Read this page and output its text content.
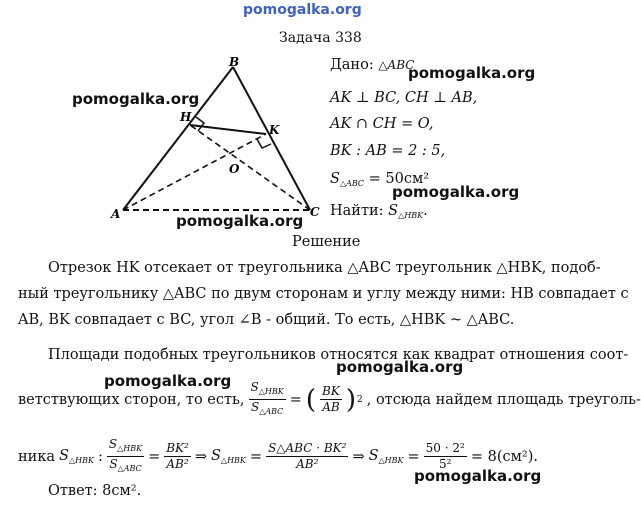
pomogalka.org
Задача 338
B
H
K
O
A	C
Дано: △ABC
AK ⊥ BC, CH ⊥ AB,
AK ∩ CH = O,
BK : AB = 2 : 5,
$S_{\triangle ABC} = 50см^2$
Найти: $S_{\triangle HBK}$.
Решение
Отрезок HK отсекает от треугольника △ABC треугольник △HBK, подоб-
ный треугольнику △ABC по двум сторонам и углу между ними: HB совпадает с
AB, BK совпадает с BC, угол ∠B - общий. То есть, △HBK ~ △ABC.
Площади подобных треугольников относятся как квадрат отношения соот-
ветствующих сторон, то есть, $\frac{S_{\triangle HBK}}{S_{\triangle ABC}}$ = ( $\frac{BK}{AB}$ ) 2 , отсюда найдем площадь треуголь-
ника $S_{\triangle HBK}$ : $\frac{S_{\triangle HBK}}{S_{\triangle ABC}} = \frac{\text{BK²}}{\text{AB²}}$ ⇒ $S_{\triangle HBK} = \frac{\text{S△ABC · BK²}}{\text{AB²}}$ ⇒ $S_{\triangle HBK} = \frac{\text{50 · 2²}}{\text{5²}} = 8(см^2)$.
Ответ: 8см².
pomogalka.org
pomogalka.org
pomogalka.org
pomogalka.org
pomogalka.org
pomogalka.org
pomogalka.org
